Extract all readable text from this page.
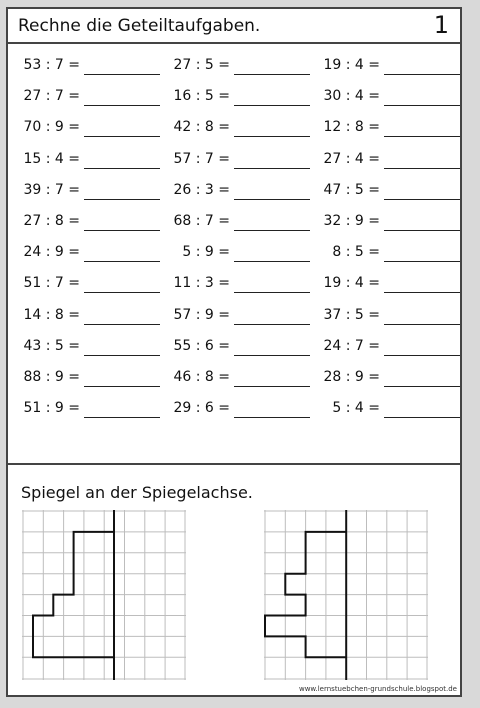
Rechne die Geteiltaufgaben.	1
53 : 7 =
27 : 7 =
70 : 9 =
15 : 4 =
39 : 7 =
27 : 8 =
24 : 9 =
51 : 7 =
14 : 8 =
43 : 5 =
88 : 9 =
51 : 9 =
27 : 5 =
16 : 5 =
42 : 8 =
57 : 7 =
26 : 3 =
68 : 7 =
5 : 9 =
11 : 3 =
57 : 9 =
55 : 6 =
46 : 8 =
29 : 6 =
19 : 4 =
30 : 4 =
12 : 8 =
27 : 4 =
47 : 5 =
32 : 9 =
8 : 5 =
19 : 4 =
37 : 5 =
24 : 7 =
28 : 9 =
5 : 4 =
Spiegel an der Spiegelachse.
www.lernstuebchen-grundschule.blogspot.de
